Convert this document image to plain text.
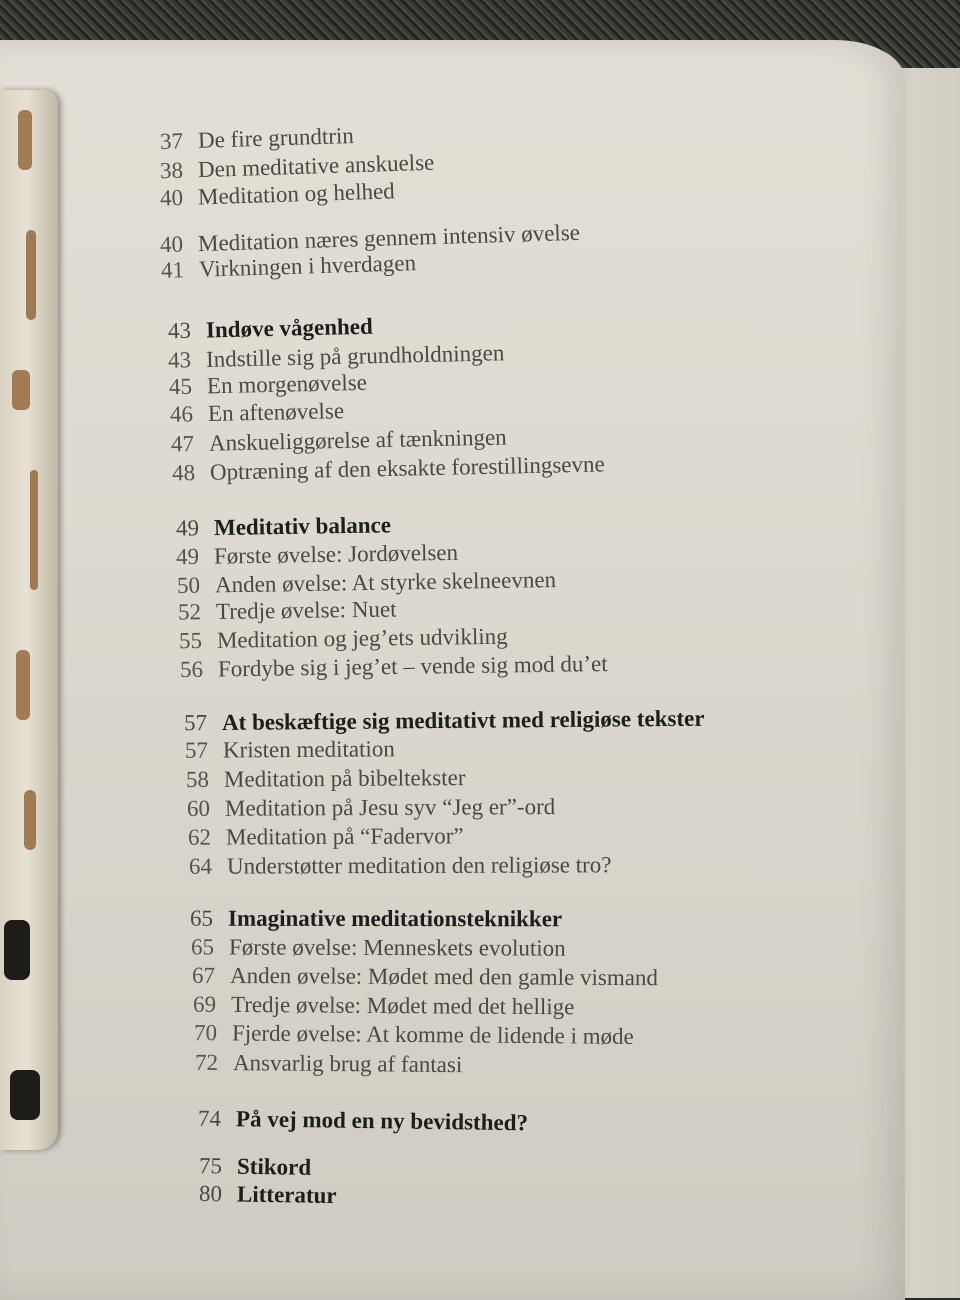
37 De fire grundtrin
38 Den meditative anskuelse
40 Meditation og helhed
40 Meditation næres gennem intensiv øvelse
41 Virkningen i hverdagen
43 Indøve vågenhed
43 Indstille sig på grundholdningen
45 En morgenøvelse
46 En aftenøvelse
47 Anskueliggørelse af tænkningen
48 Optræning af den eksakte forestillingsevne
49 Meditativ balance
49 Første øvelse: Jordøvelsen
50 Anden øvelse: At styrke skelneevnen
52 Tredje øvelse: Nuet
55 Meditation og jeg’ets udvikling
56 Fordybe sig i jeg’et – vende sig mod du’et
57 At beskæftige sig meditativt med religiøse tekster
57 Kristen meditation
58 Meditation på bibeltekster
60 Meditation på Jesu syv “Jeg er”-ord
62 Meditation på “Fadervor”
64 Understøtter meditation den religiøse tro?
65 Imaginative meditationsteknikker
65 Første øvelse: Menneskets evolution
67 Anden øvelse: Mødet med den gamle vismand
69 Tredje øvelse: Mødet med det hellige
70 Fjerde øvelse: At komme de lidende i møde
72 Ansvarlig brug af fantasi
74 På vej mod en ny bevidsthed?
75 Stikord
80 Litteratur
